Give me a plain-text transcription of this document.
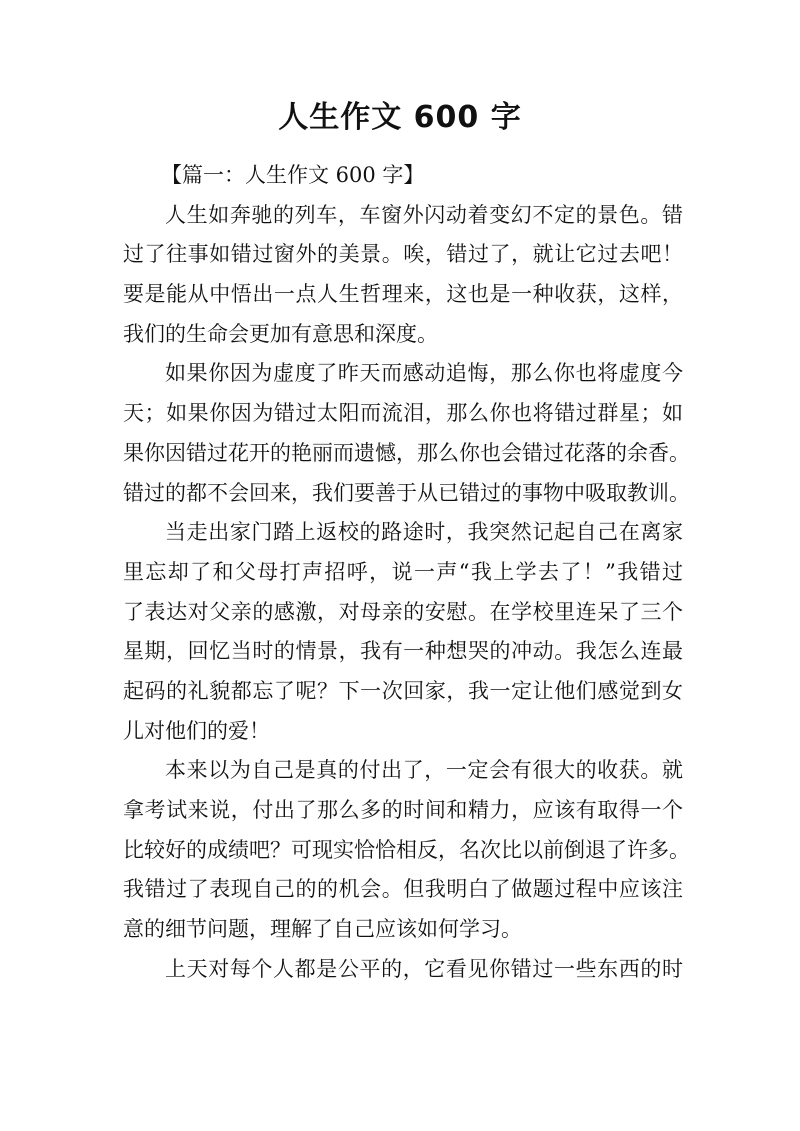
人生作文 600 字
【篇一：人生作文 600 字】
人生如奔驰的列车，车窗外闪动着变幻不定的景色。错
过了往事如错过窗外的美景。唉，错过了，就让它过去吧！
要是能从中悟出一点人生哲理来，这也是一种收获，这样，
我们的生命会更加有意思和深度。
如果你因为虚度了昨天而感动追悔，那么你也将虚度今
天；如果你因为错过太阳而流泪，那么你也将错过群星；如
果你因错过花开的艳丽而遗憾，那么你也会错过花落的余香。
错过的都不会回来，我们要善于从已错过的事物中吸取教训。
当走出家门踏上返校的路途时，我突然记起自己在离家
里忘却了和父母打声招呼，说一声“我上学去了！”我错过
了表达对父亲的感激，对母亲的安慰。在学校里连呆了三个
星期，回忆当时的情景，我有一种想哭的冲动。我怎么连最
起码的礼貌都忘了呢？下一次回家，我一定让他们感觉到女
儿对他们的爱！
本来以为自己是真的付出了，一定会有很大的收获。就
拿考试来说，付出了那么多的时间和精力，应该有取得一个
比较好的成绩吧？可现实恰恰相反，名次比以前倒退了许多。
我错过了表现自己的的机会。但我明白了做题过程中应该注
意的细节问题，理解了自己应该如何学习。
上天对每个人都是公平的，它看见你错过一些东西的时
